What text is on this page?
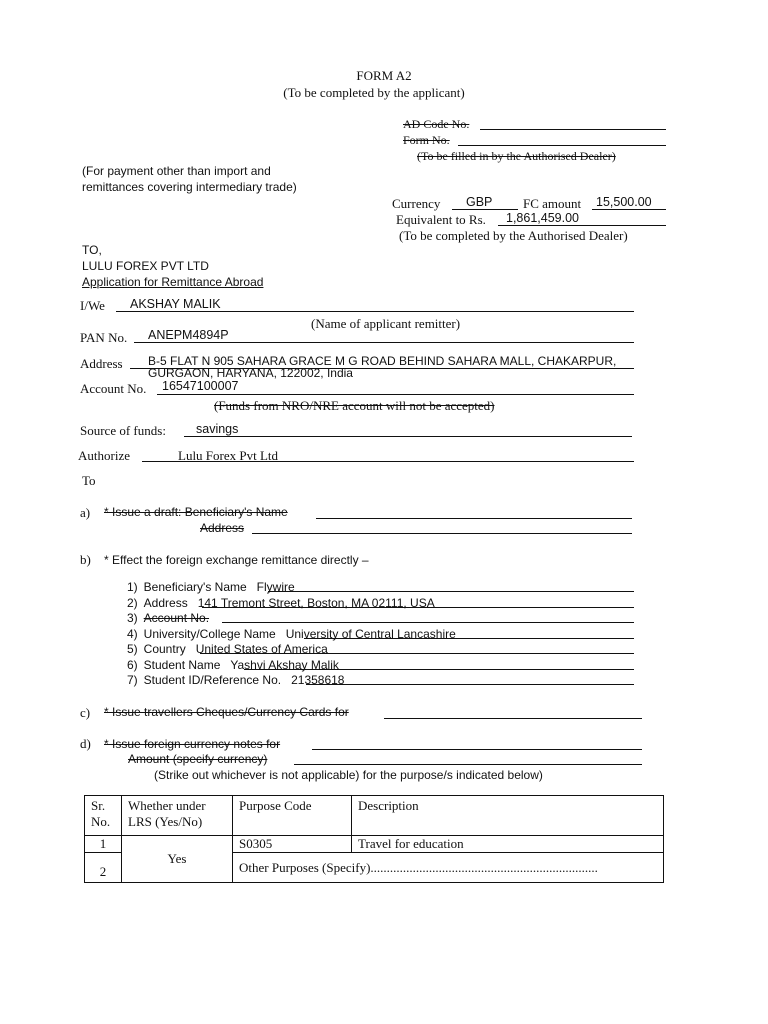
FORM A2
(To be completed by the applicant)
AD Code No.
Form No.
(To be filled in by the Authorised Dealer)
(For payment other than import and
remittances covering intermediary trade)
Currency GBP FC amount 15,500.00
Equivalent to Rs. 1,861,459.00
(To be completed by the Authorised Dealer)
TO,
LULU FOREX PVT LTD
Application for Remittance Abroad
I/We AKSHAY MALIK
(Name of applicant remitter)
PAN No. ANEPM4894P
Address B-5 FLAT N 905 SAHARA GRACE M G ROAD BEHIND SAHARA MALL, CHAKARPUR,
GURGAON, HARYANA, 122002, India
Account No. 16547100007
(Funds from NRO/NRE account will not be accepted)
Source of funds: savings
Authorize	Lulu Forex Pvt Ltd
To
a) * Issue a draft: Beneficiary's Name
Address
b) * Effect the foreign exchange remittance directly –
1) Beneficiary's Name Flywire
2) Address 141 Tremont Street, Boston, MA 02111, USA
3) Account No.
4) University/College Name University of Central Lancashire
5) Country United States of America
6) Student Name Yashvi Akshay Malik
7) Student ID/Reference No. 21358618
c) * Issue travellers Cheques/Currency Cards for
d) * Issue foreign currency notes for
Amount (specify currency)
(Strike out whichever is not applicable) for the purpose/s indicated below)
Sr. No.	Whether under LRS (Yes/No)	Purpose Code	Description
1	Yes	S0305	Travel for education
2		Other Purposes (Specify)......................................................................	
